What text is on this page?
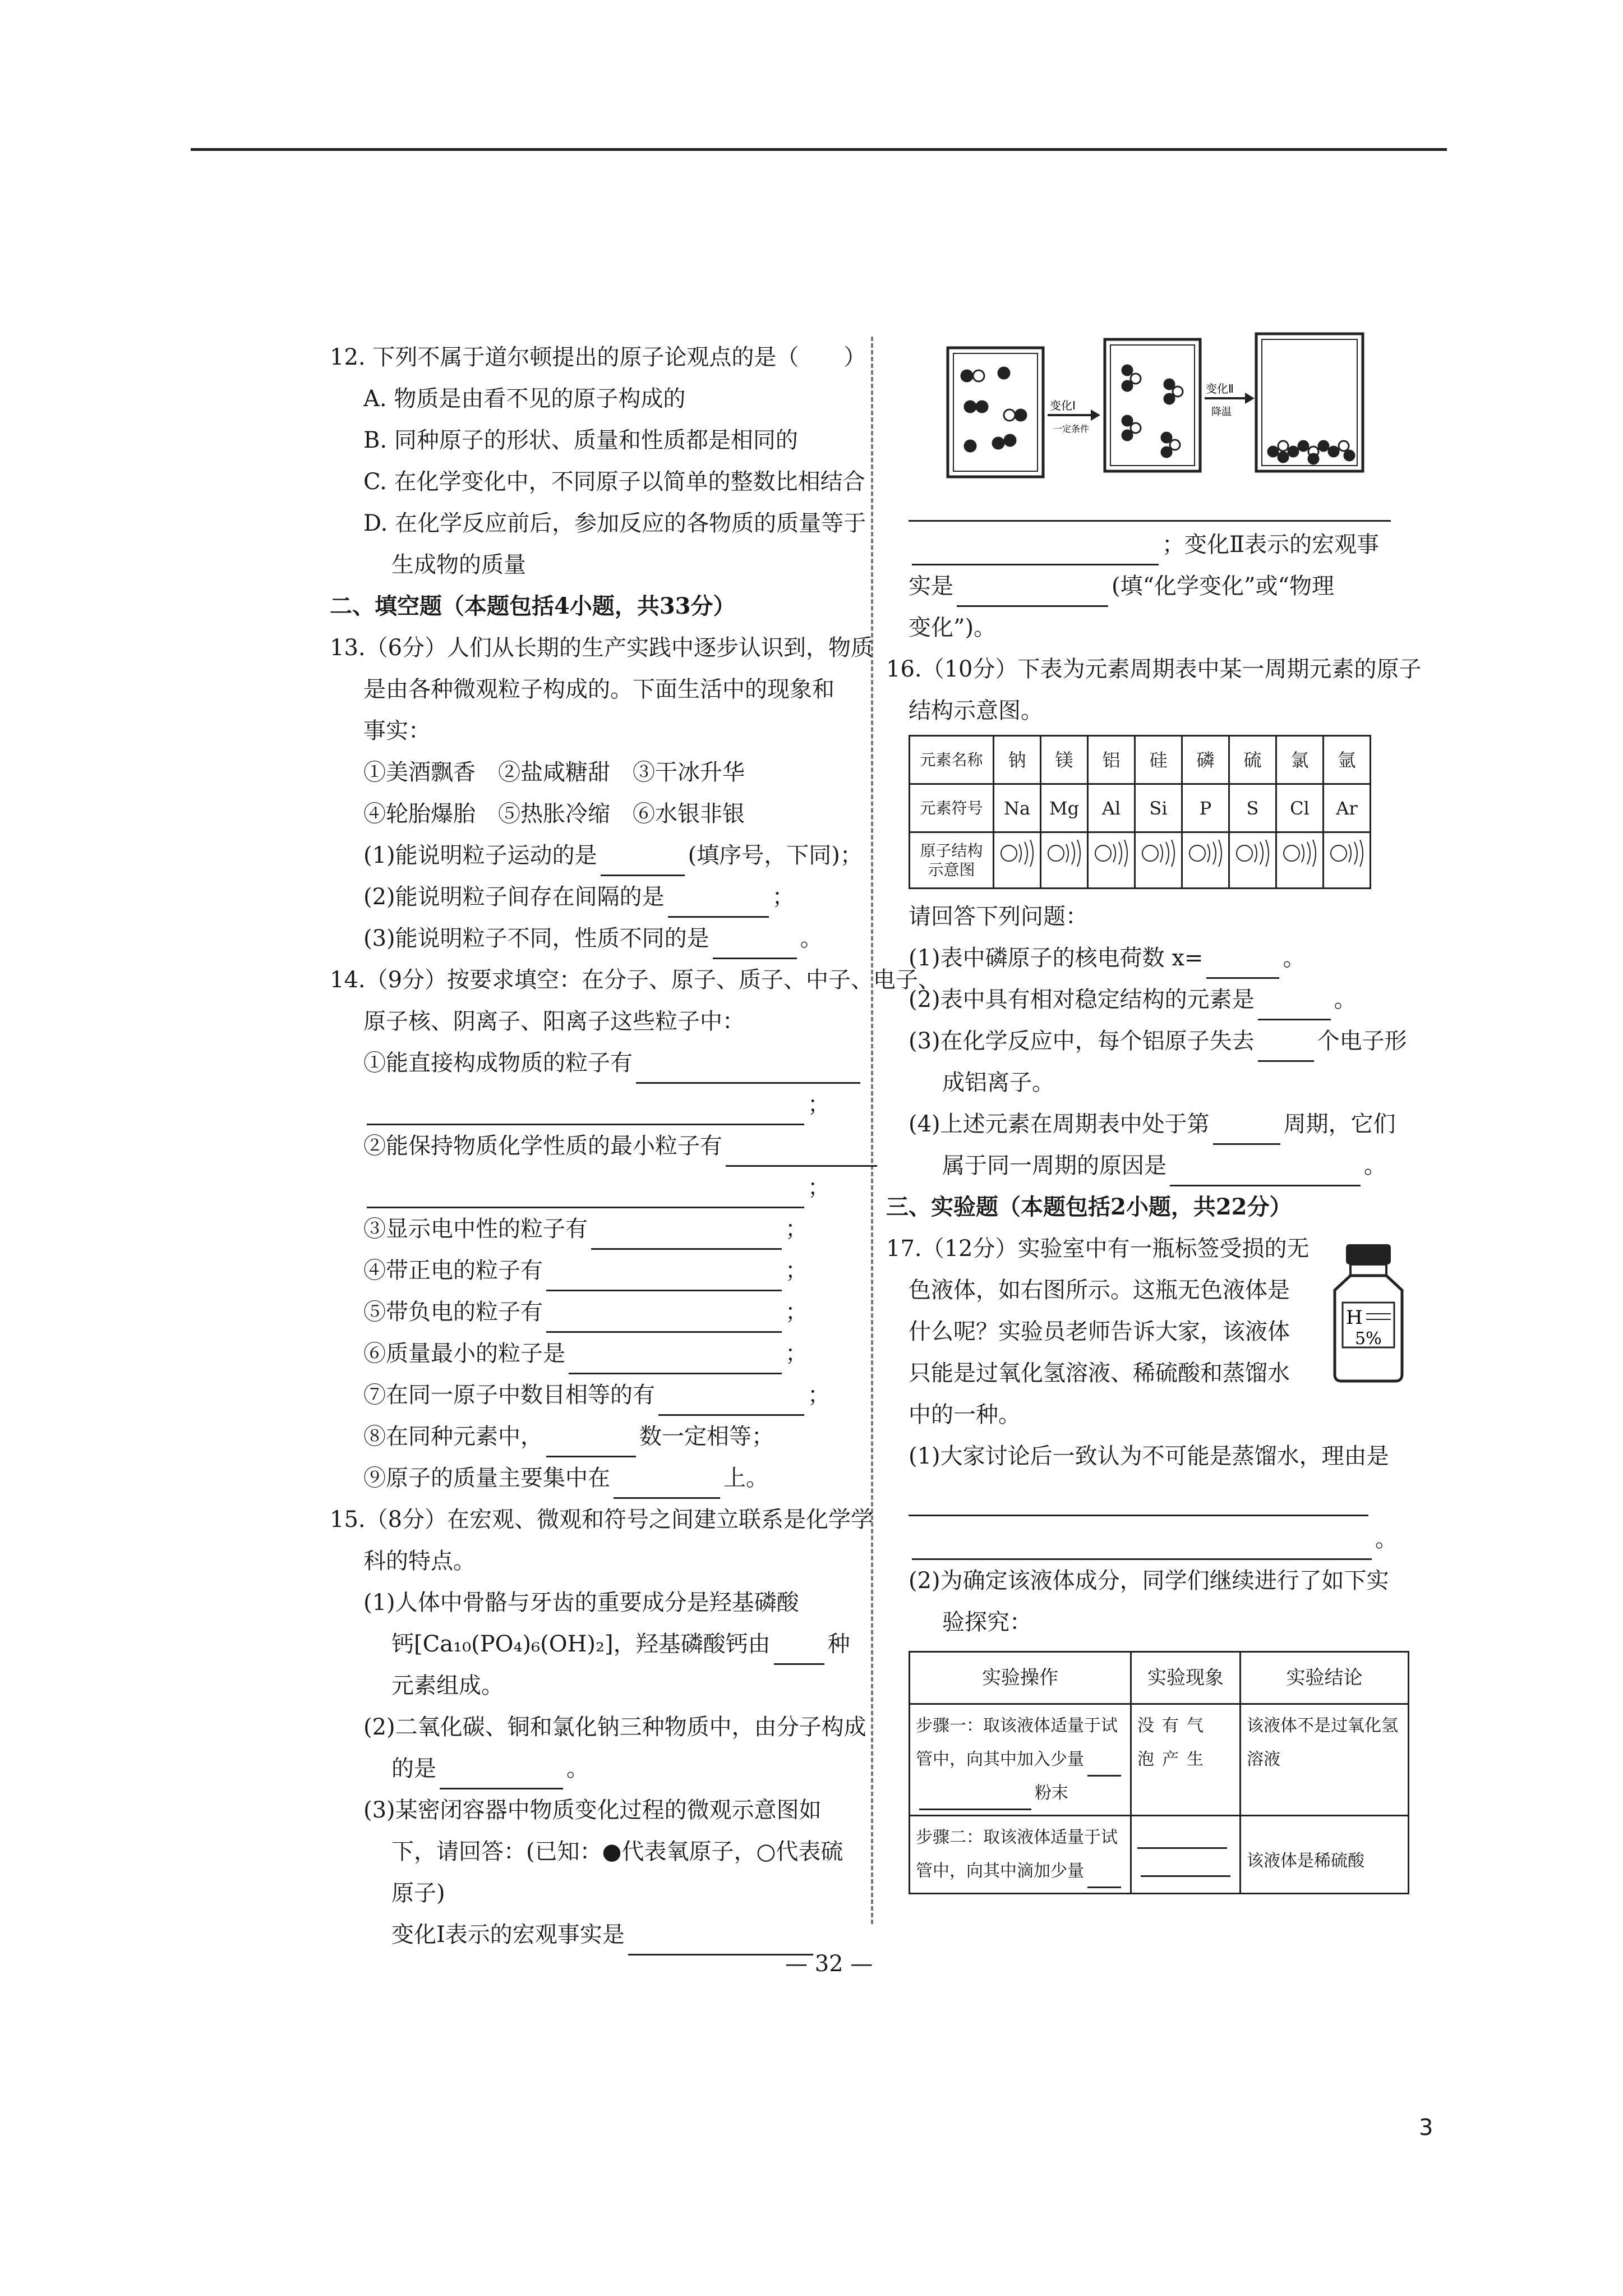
12. 下列不属于道尔顿提出的原子论观点的是（　　）
A. 物质是由看不见的原子构成的
B. 同种原子的形状、质量和性质都是相同的
C. 在化学变化中，不同原子以简单的整数比相结合
D. 在化学反应前后，参加反应的各物质的质量等于
生成物的质量
二、填空题（本题包括4小题，共33分）
13.（6分）人们从长期的生产实践中逐步认识到，物质
是由各种微观粒子构成的。下面生活中的现象和
事实：
①美酒飘香　②盐咸糖甜　③干冰升华
④轮胎爆胎　⑤热胀冷缩　⑥水银非银
(1)能说明粒子运动的是	(填序号，下同)；
(2)能说明粒子间存在间隔的是	；
(3)能说明粒子不同，性质不同的是	。
14.（9分）按要求填空：在分子、原子、质子、中子、电子、
原子核、阴离子、阳离子这些粒子中：
①能直接构成物质的粒子有
；
②能保持物质化学性质的最小粒子有
；
③显示电中性的粒子有	；
④带正电的粒子有	；
⑤带负电的粒子有	；
⑥质量最小的粒子是	；
⑦在同一原子中数目相等的有	；
⑧在同种元素中，	数一定相等；
⑨原子的质量主要集中在	上。
15.（8分）在宏观、微观和符号之间建立联系是化学学
科的特点。
(1)人体中骨骼与牙齿的重要成分是羟基磷酸
钙[Ca₁₀(PO₄)₆(OH)₂]，羟基磷酸钙由	种
元素组成。
(2)二氧化碳、铜和氯化钠三种物质中，由分子构成
的是	。
(3)某密闭容器中物质变化过程的微观示意图如
下，请回答：(已知：●代表氧原子，○代表硫
原子)
变化Ⅰ表示的宏观事实是
变化Ⅰ
一定条件
变化Ⅱ
降温
；变化Ⅱ表示的宏观事
实是	(填“化学变化”或“物理
变化”)。
16.（10分）下表为元素周期表中某一周期元素的原子
结构示意图。
元素名称	钠	镁	铝	硅	磷	硫	氯	氩
元素符号	Na	Mg	Al	Si	P	S	Cl	Ar
原子结构示意图								
请回答下列问题：
(1)表中磷原子的核电荷数 x=	。
(2)表中具有相对稳定结构的元素是	。
(3)在化学反应中，每个铝原子失去	个电子形
成铝离子。
(4)上述元素在周期表中处于第	周期，它们
属于同一周期的原因是	。
三、实验题（本题包括2小题，共22分）
17.（12分）实验室中有一瓶标签受损的无
色液体，如右图所示。这瓶无色液体是
什么呢？实验员老师告诉大家，该液体
只能是过氧化氢溶液、稀硫酸和蒸馏水
中的一种。
(1)大家讨论后一致认为不可能是蒸馏水，理由是
。
(2)为确定该液体成分，同学们继续进行了如下实
验探究：
实验操作	实验现象	实验结论

步骤一：取该液体适量于试
管中，向其中加入少量
粉末	没有气泡产生	该液体不是过氧化氢溶液

步骤二：取该液体适量于试
管中，向其中滴加少量		该液体是稀硫酸
H
5%
— 32 —
3
